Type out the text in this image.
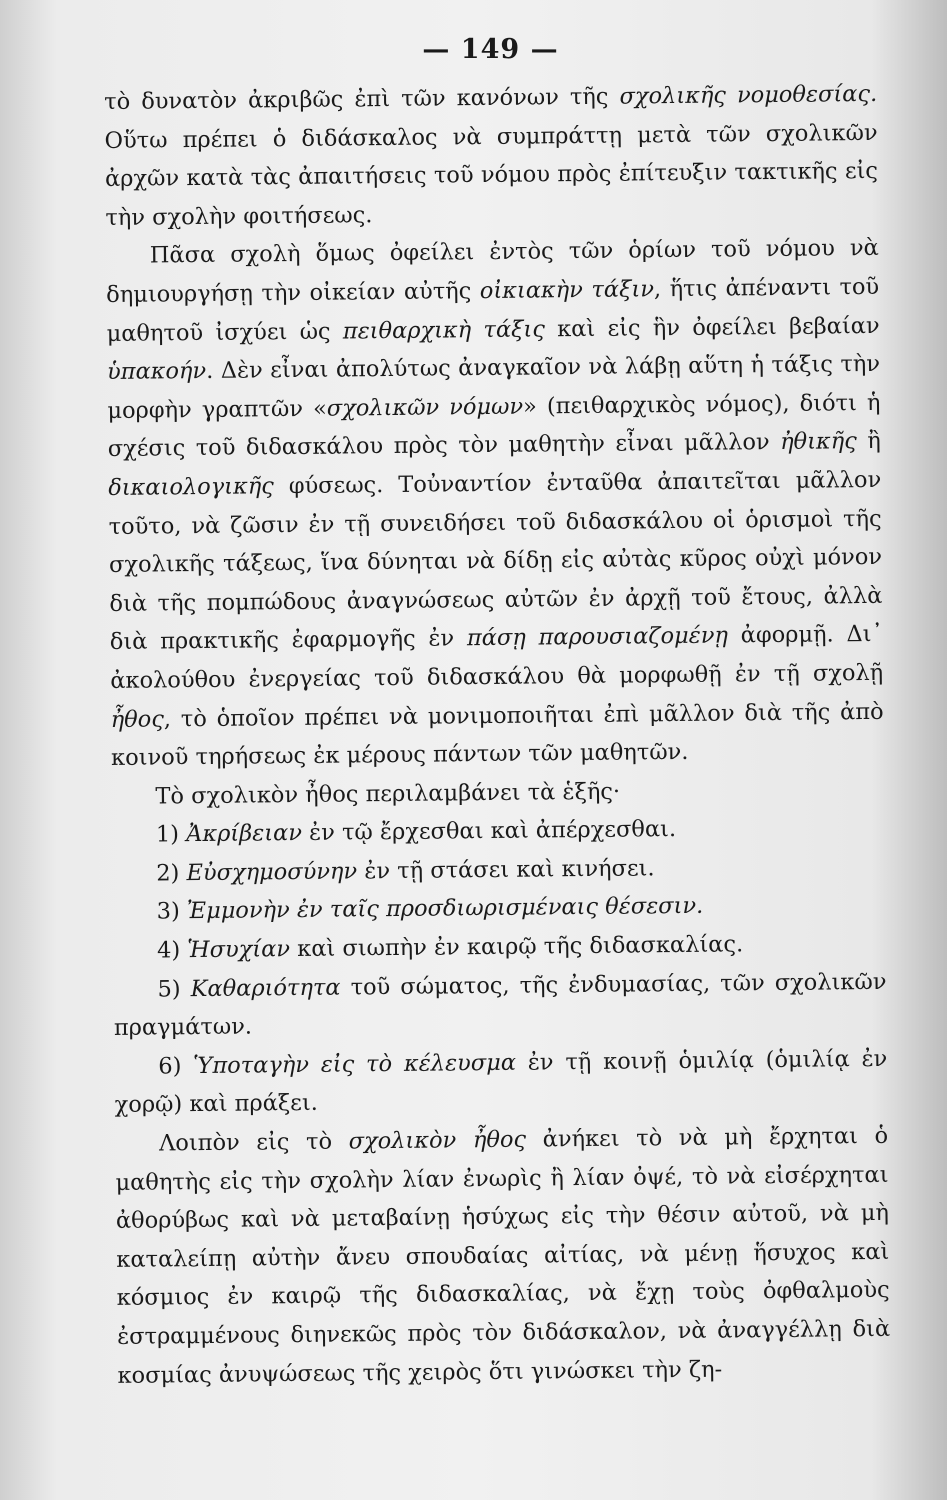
— 149 —

τὸ δυνατὸν ἀκριβῶς ἐπὶ τῶν κανόνων τῆς σχολικῆς νομοθεσίας. Οὕτω πρέπει ὁ διδάσκαλος νὰ συμπράττῃ μετὰ τῶν σχολικῶν ἀρχῶν κατὰ τὰς ἀπαιτήσεις τοῦ νόμου πρὸς ἐπίτευξιν τακτικῆς εἰς τὴν σχολὴν φοιτήσεως.

Πᾶσα σχολὴ ὅμως ὀφείλει ἐντὸς τῶν ὁρίων τοῦ νόμου νὰ δημιουργήσῃ τὴν οἰκείαν αὐτῆς οἰκιακὴν τάξιν, ἥτις ἀπέναντι τοῦ μαθητοῦ ἰσχύει ὡς πειθαρχικὴ τάξις καὶ εἰς ἣν ὀφείλει βεβαίαν ὑπακοήν. Δὲν εἶναι ἀπολύτως ἀναγκαῖον νὰ λάβῃ αὕτη ἡ τάξις τὴν μορφὴν γραπτῶν «σχολικῶν νόμων» (πειθαρχικὸς νόμος), διότι ἡ σχέσις τοῦ διδασκάλου πρὸς τὸν μαθητὴν εἶναι μᾶλλον ἠθικῆς ἢ δικαιολογικῆς φύσεως. Τοὐναντίον ἐνταῦθα ἀπαιτεῖται μᾶλλον τοῦτο, νὰ ζῶσιν ἐν τῇ συνειδήσει τοῦ διδασκάλου οἱ ὁρισμοὶ τῆς σχολικῆς τάξεως, ἵνα δύνηται νὰ δίδῃ εἰς αὐτὰς κῦρος οὐχὶ μόνον διὰ τῆς πομπώδους ἀναγνώσεως αὐτῶν ἐν ἀρχῇ τοῦ ἔτους, ἀλλὰ διὰ πρακτικῆς ἐφαρμογῆς ἐν πάσῃ παρουσιαζομένῃ ἀφορμῇ. Δι᾽ ἀκολούθου ἐνεργείας τοῦ διδασκάλου θὰ μορφωθῇ ἐν τῇ σχολῇ ἦθος, τὸ ὁποῖον πρέπει νὰ μονιμοποιῆται ἐπὶ μᾶλλον διὰ τῆς ἀπὸ κοινοῦ τηρήσεως ἐκ μέρους πάντων τῶν μαθητῶν.

Τὸ σχολικὸν ἦθος περιλαμβάνει τὰ ἑξῆς·

1) Ἀκρίβειαν ἐν τῷ ἔρχεσθαι καὶ ἀπέρχεσθαι.
2) Εὐσχημοσύνην ἐν τῇ στάσει καὶ κινήσει.
3) Ἐμμονὴν ἐν ταῖς προσδιωρισμέναις θέσεσιν.
4) Ἡσυχίαν καὶ σιωπὴν ἐν καιρῷ τῆς διδασκαλίας.
5) Καθαριότητα τοῦ σώματος, τῆς ἐνδυμασίας, τῶν σχολικῶν πραγμάτων.
6) Ὑποταγὴν εἰς τὸ κέλευσμα ἐν τῇ κοινῇ ὁμιλίᾳ (ὁμιλίᾳ ἐν χορῷ) καὶ πράξει.

Λοιπὸν εἰς τὸ σχολικὸν ἦθος ἀνήκει τὸ νὰ μὴ ἔρχηται ὁ μαθητὴς εἰς τὴν σχολὴν λίαν ἐνωρὶς ἢ λίαν ὀψέ, τὸ νὰ εἰσέρχηται ἀθορύβως καὶ νὰ μεταβαίνῃ ἡσύχως εἰς τὴν θέσιν αὐτοῦ, νὰ μὴ καταλείπῃ αὐτὴν ἄνευ σπουδαίας αἰτίας, νὰ μένῃ ἥσυχος καὶ κόσμιος ἐν καιρῷ τῆς διδασκαλίας, νὰ ἔχῃ τοὺς ὀφθαλμοὺς ἐστραμμένους διηνεκῶς πρὸς τὸν διδάσκαλον, νὰ ἀναγγέλλῃ διὰ κοσμίας ἀνυψώσεως τῆς χειρὸς ὅτι γινώσκει τὴν ζη-
